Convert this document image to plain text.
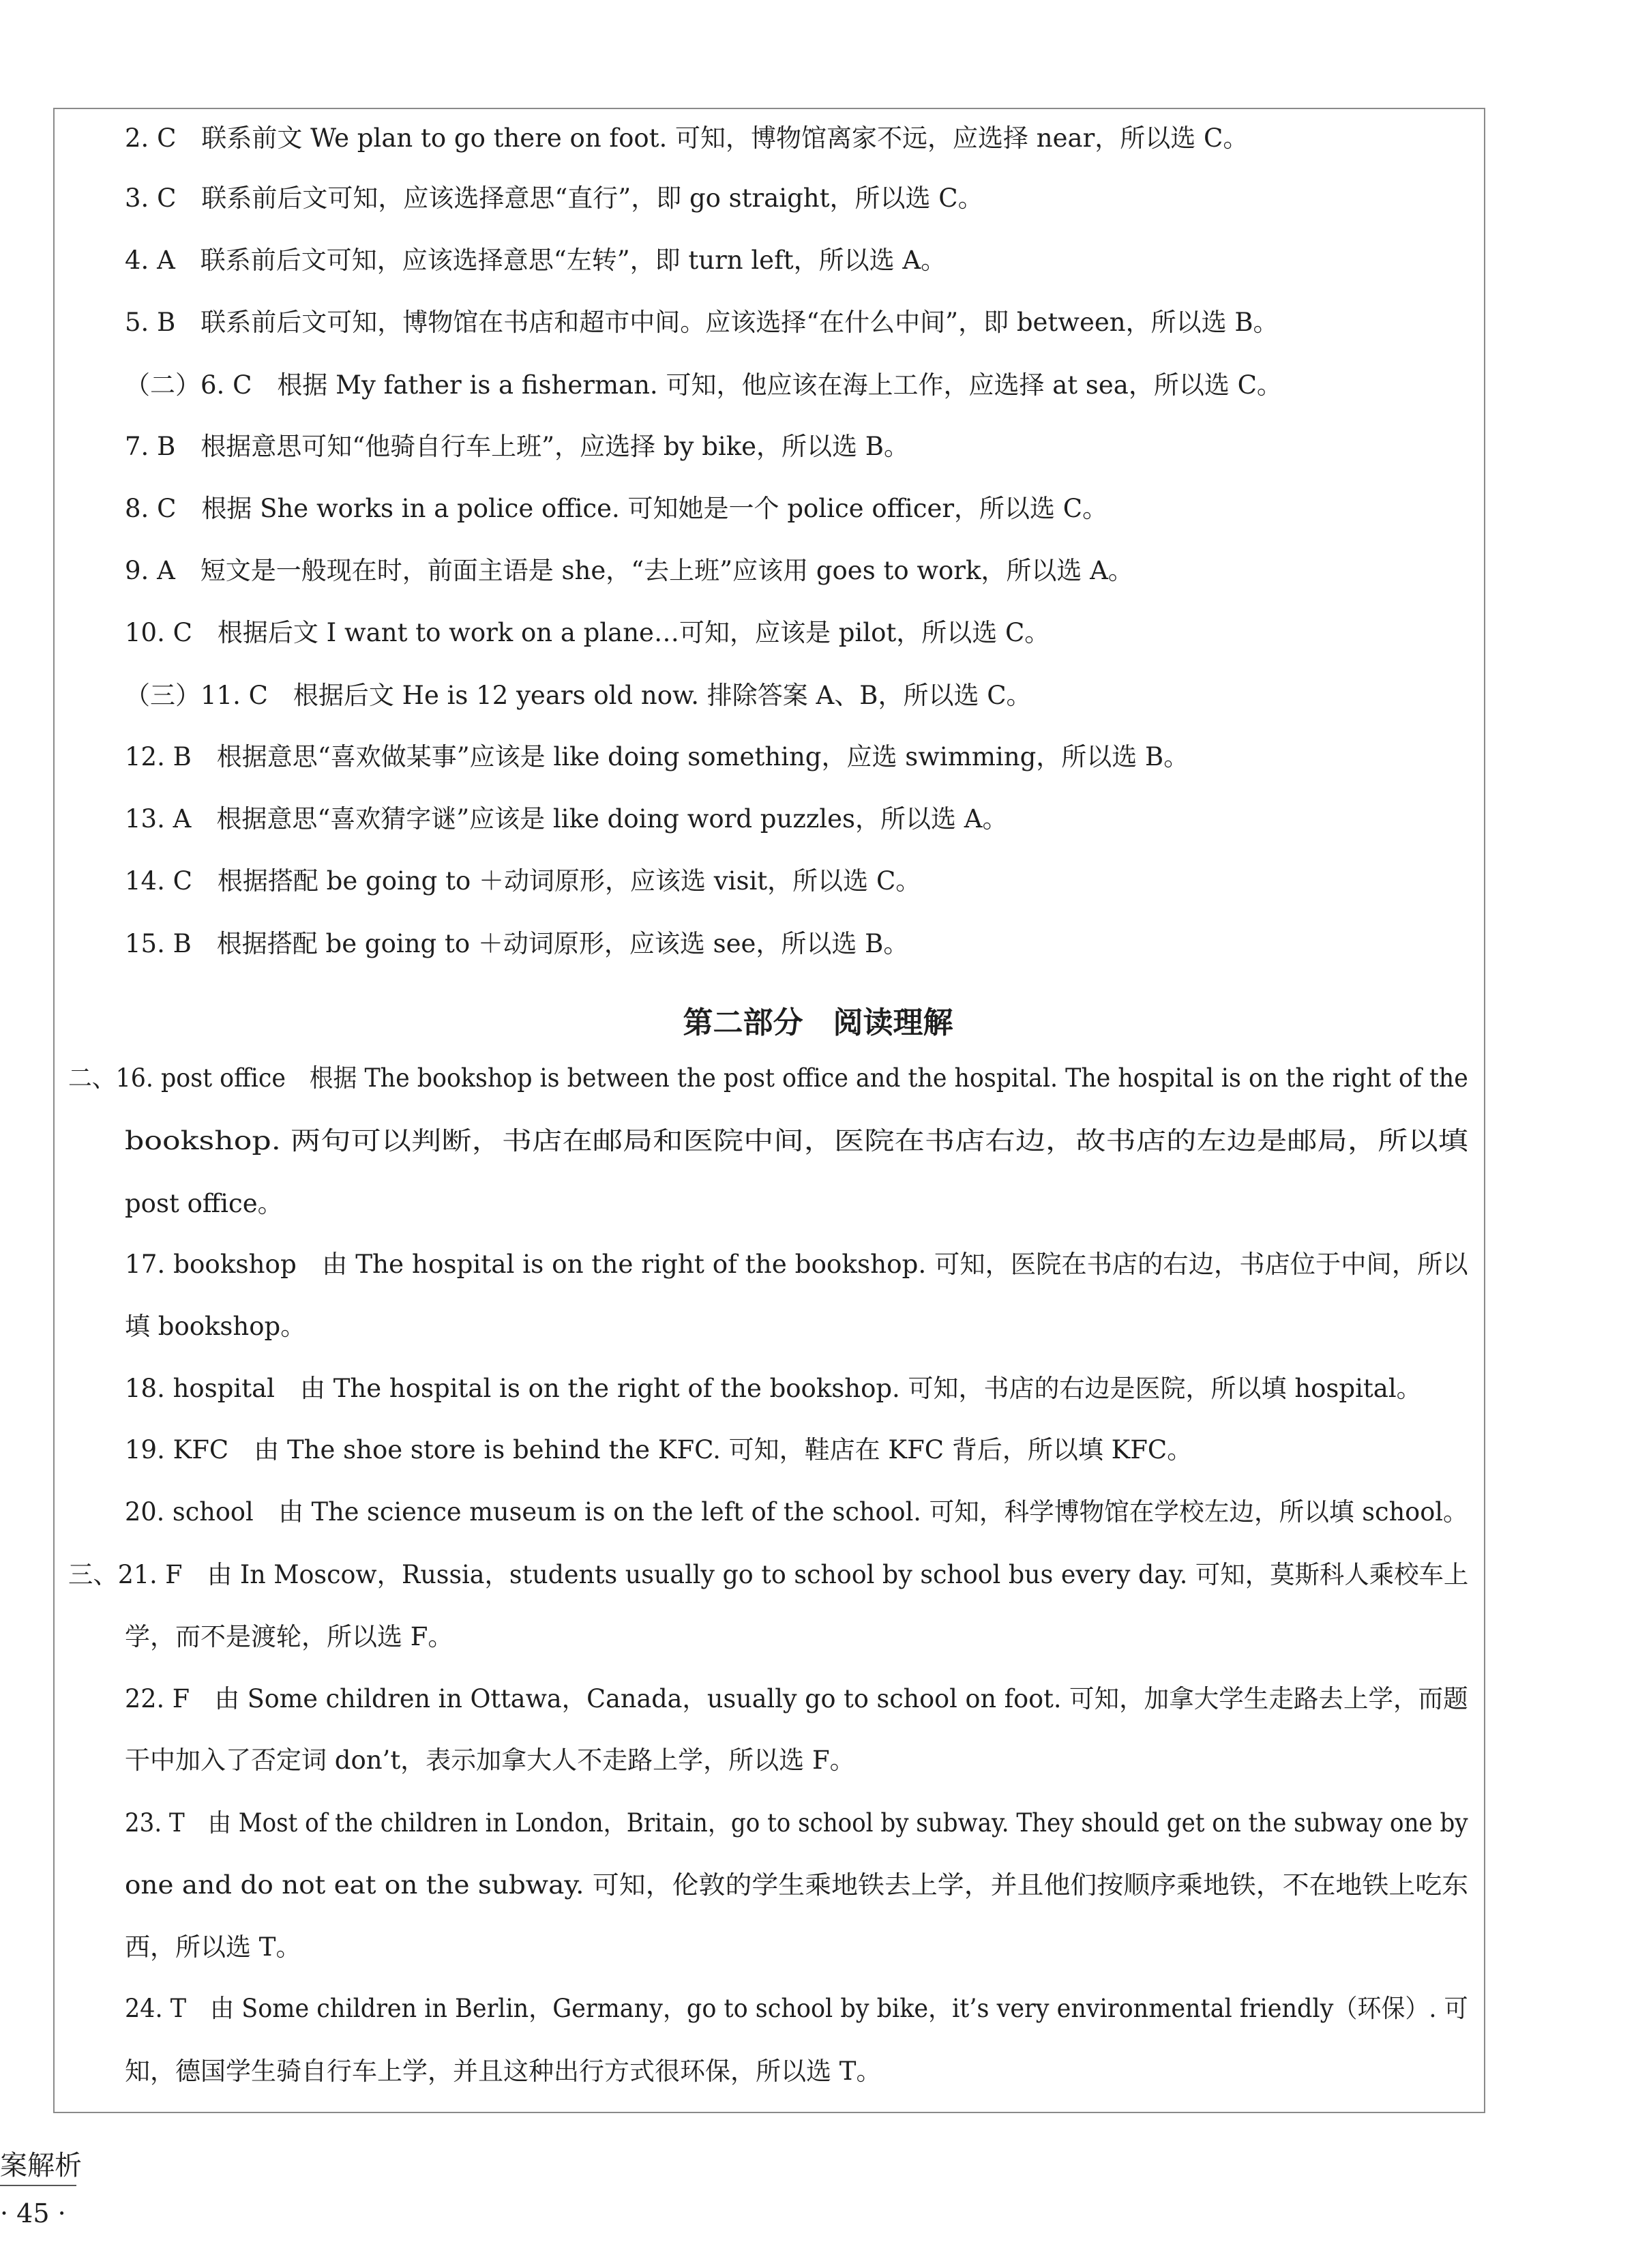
2. C　联系前文 We plan to go there on foot. 可知，博物馆离家不远，应选择 near，所以选 C。
3. C　联系前后文可知，应该选择意思“直行”，即 go straight，所以选 C。
4. A　联系前后文可知，应该选择意思“左转”，即 turn left，所以选 A。
5. B　联系前后文可知，博物馆在书店和超市中间。应该选择“在什么中间”，即 between，所以选 B。
（二）6. C　根据 My father is a fisherman. 可知，他应该在海上工作，应选择 at sea，所以选 C。
7. B　根据意思可知“他骑自行车上班”，应选择 by bike，所以选 B。
8. C　根据 She works in a police office. 可知她是一个 police officer，所以选 C。
9. A　短文是一般现在时，前面主语是 she，“去上班”应该用 goes to work，所以选 A。
10. C　根据后文 I want to work on a plane…可知，应该是 pilot，所以选 C。
（三）11. C　根据后文 He is 12 years old now. 排除答案 A、B，所以选 C。
12. B　根据意思“喜欢做某事”应该是 like doing something，应选 swimming，所以选 B。
13. A　根据意思“喜欢猜字谜”应该是 like doing word puzzles，所以选 A。
14. C　根据搭配 be going to ＋动词原形，应该选 visit，所以选 C。
15. B　根据搭配 be going to ＋动词原形，应该选 see，所以选 B。
第二部分　阅读理解
二、16. post office　根据 The bookshop is between the post office and the hospital. The hospital is on the right of the
bookshop. 两句可以判断，书店在邮局和医院中间，医院在书店右边，故书店的左边是邮局，所以填
post office。
17. bookshop　由 The hospital is on the right of the bookshop. 可知，医院在书店的右边，书店位于中间，所以
填 bookshop。
18. hospital　由 The hospital is on the right of the bookshop. 可知，书店的右边是医院，所以填 hospital。
19. KFC　由 The shoe store is behind the KFC. 可知，鞋店在 KFC 背后，所以填 KFC。
20. school　由 The science museum is on the left of the school. 可知，科学博物馆在学校左边，所以填 school。
三、21. F　由 In Moscow，Russia，students usually go to school by school bus every day. 可知，莫斯科人乘校车上
学，而不是渡轮，所以选 F。
22. F　由 Some children in Ottawa，Canada，usually go to school on foot. 可知，加拿大学生走路去上学，而题
干中加入了否定词 don’t，表示加拿大人不走路上学，所以选 F。
23. T　由 Most of the children in London，Britain，go to school by subway. They should get on the subway one by
one and do not eat on the subway. 可知，伦敦的学生乘地铁去上学，并且他们按顺序乘地铁，不在地铁上吃东
西，所以选 T。
24. T　由 Some children in Berlin，Germany，go to school by bike，it’s very environmental friendly（环保）. 可
知，德国学生骑自行车上学，并且这种出行方式很环保，所以选 T。
案解析
· 45 ·
